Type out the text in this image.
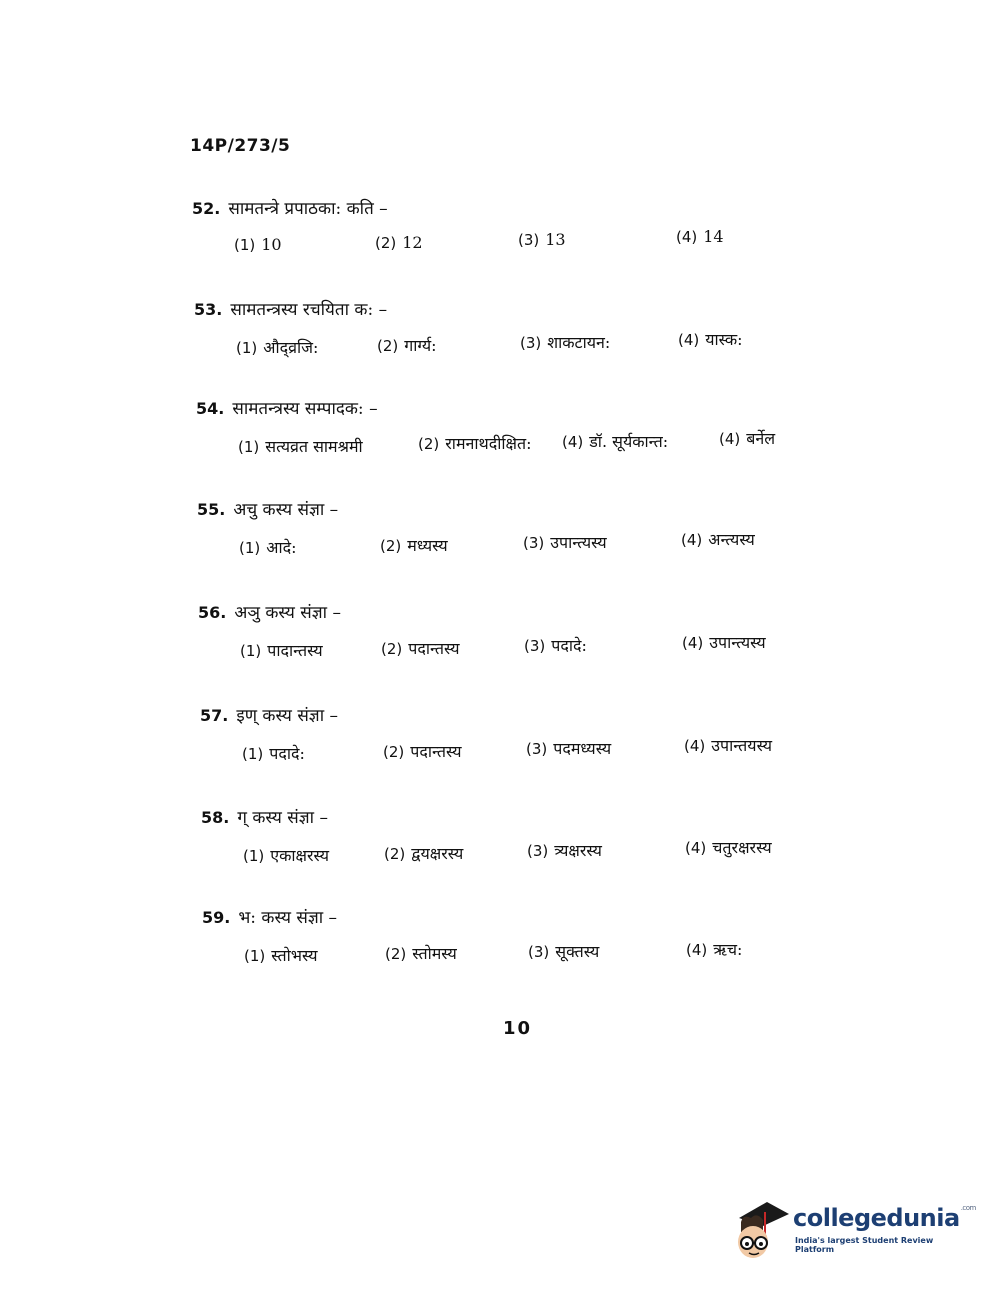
14P/273/5
52. सामतन्त्रे प्रपाठका: कति –
(1) 10	(2) 12	(3) 13	(4) 14
53. सामतन्त्रस्य रचयिता क: –
(1) औद्व्रजि:	(2) गार्ग्य:	(3) शाकटायन:	(4) यास्क:
54. सामतन्त्रस्य सम्पादक: –
(1) सत्यव्रत सामश्रमी	(2) रामनाथदीक्षित: (4) डॉ. सूर्यकान्त:	(4) बर्नेल
55. अचु कस्य संज्ञा –
(1) आदे:	(2) मध्यस्य	(3) उपान्त्यस्य	(4) अन्त्यस्य
56. अञु कस्य संज्ञा –
(1) पादान्तस्य	(2) पदान्तस्य	(3) पदादे:	(4) उपान्त्यस्य
57. इण् कस्य संज्ञा –
(1) पदादे:	(2) पदान्तस्य	(3) पदमध्यस्य	(4) उपान्तयस्य
58. ग् कस्य संज्ञा –
(1) एकाक्षरस्य	(2) द्वयक्षरस्य	(3) त्र्यक्षरस्य	(4) चतुरक्षरस्य
59. भ: कस्य संज्ञा –
(1) स्तोभस्य	(2) स्तोमस्य	(3) सूक्तस्य	(4) ऋच:
10
collegedunia$^{.com}$
India's largest Student Review Platform
